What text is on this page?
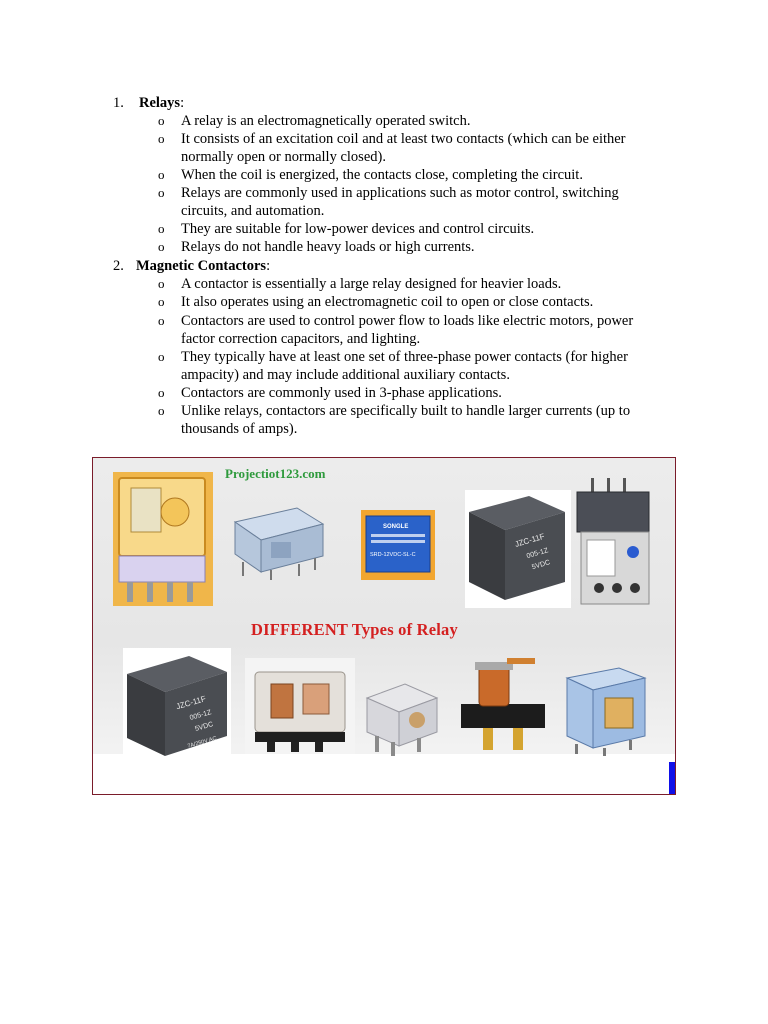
1. Relays:
o	A relay is an electromagnetically operated switch.
o	It consists of an excitation coil and at least two contacts (which can be either normally open or normally closed).
o	When the coil is energized, the contacts close, completing the circuit.
o	Relays are commonly used in applications such as motor control, switching circuits, and automation.
o	They are suitable for low-power devices and control circuits.
o	Relays do not handle heavy loads or high currents.
2. Magnetic Contactors:
o	A contactor is essentially a large relay designed for heavier loads.
o	It also operates using an electromagnetic coil to open or close contacts.
o	Contactors are used to control power flow to loads like electric motors, power factor correction capacitors, and lighting.
o	They typically have at least one set of three-phase power contacts (for higher ampacity) and may include additional auxiliary contacts.
o	Contactors are commonly used in 3-phase applications.
o	Unlike relays, contactors are specifically built to handle larger currents (up to thousands of amps).
Projectiot123.com
DIFFERENT Types of Relay
SONGLE
SRD-12VDC-SL-C
JZC-11F
005-1Z
5VDC
JZC-11F
005-1Z
5VDC
7A/250V AC
